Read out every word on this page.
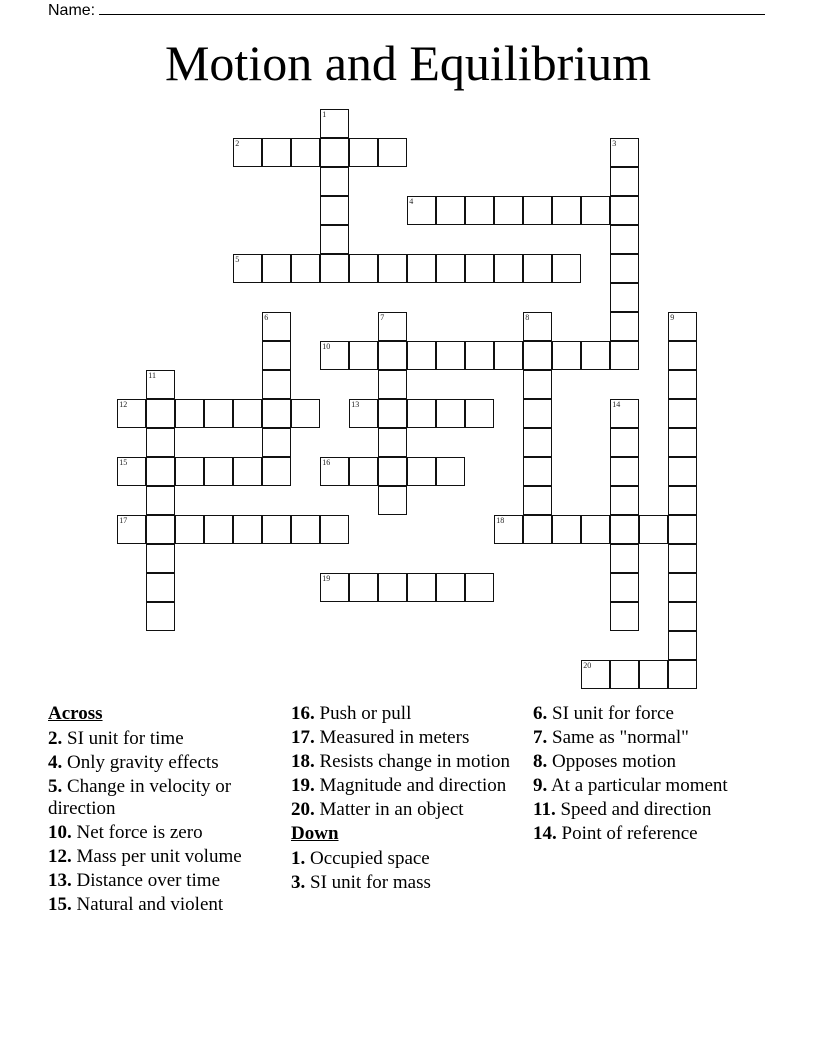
Name:
Motion and Equilibrium
1
2	3
4
5
6	7	8	9
10
11
12	13	14
15	16
17	18
19
20
Across
2. SI unit for time
4. Only gravity effects
5. Change in velocity or direction
10. Net force is zero
12. Mass per unit volume
13. Distance over time
15. Natural and violent
16. Push or pull
17. Measured in meters
18. Resists change in motion
19. Magnitude and direction
20. Matter in an object
Down
1. Occupied space
3. SI unit for mass
6. SI unit for force
7. Same as "normal"
8. Opposes motion
9. At a particular moment
11. Speed and direction
14. Point of reference
